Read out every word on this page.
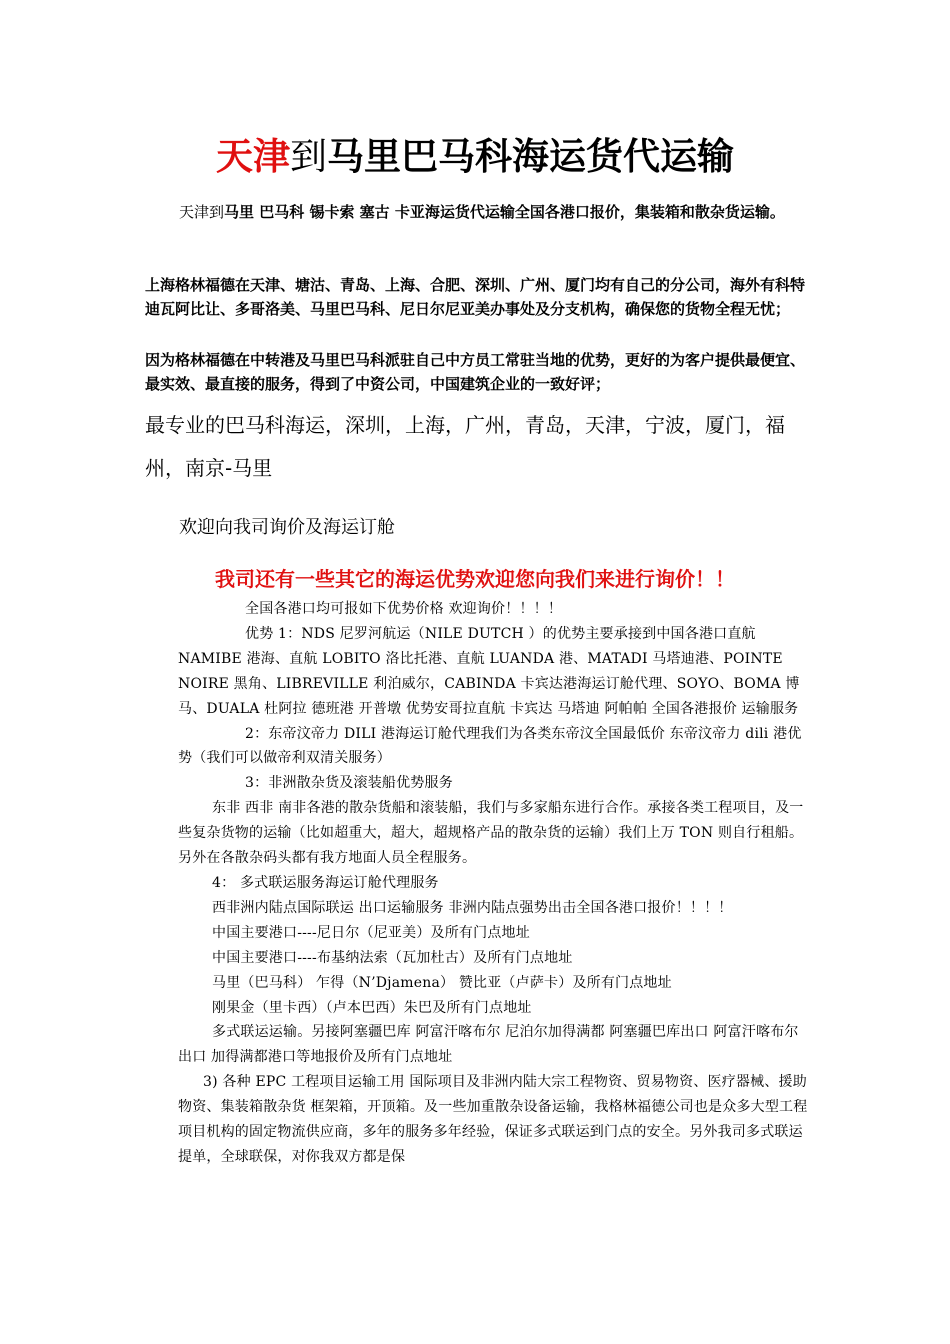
天津到马里巴马科海运货代运输
天津到马里 巴马科 锡卡索 塞古 卡亚海运货代运输全国各港口报价，集装箱和散杂货运输。
上海格林福德在天津、塘沽、青岛、上海、合肥、深圳、广州、厦门均有自己的分公司，海外有科特迪瓦阿比让、多哥洛美、马里巴马科、尼日尔尼亚美办事处及分支机构，确保您的货物全程无忧；
因为格林福德在中转港及马里巴马科派驻自己中方员工常驻当地的优势，更好的为客户提供最便宜、最实效、最直接的服务，得到了中资公司，中国建筑企业的一致好评；
最专业的巴马科海运，深圳，上海，广州，青岛，天津，宁波，厦门，福州，南京-马里
欢迎向我司询价及海运订舱
我司还有一些其它的海运优势欢迎您向我们来进行询价！！
全国各港口均可报如下优势价格 欢迎询价！！！！
优势 1：NDS 尼罗河航运（NILE DUTCH ）的优势主要承接到中国各港口直航 NAMIBE 港海、直航 LOBITO 洛比托港、直航 LUANDA 港、MATADI 马塔迪港、POINTE NOIRE 黑角、LIBREVILLE 利泊威尔，CABINDA 卡宾达港海运订舱代理、SOYO、BOMA 博马、DUALA 杜阿拉 德班港 开普墩 优势安哥拉直航 卡宾达 马塔迪 阿帕帕 全国各港报价 运输服务
2：东帝汶帝力 DILI 港海运订舱代理我们为各类东帝汶全国最低价 东帝汶帝力 dili 港优势（我们可以做帝利双清关服务）
3：非洲散杂货及滚装船优势服务
东非 西非 南非各港的散杂货船和滚装船，我们与多家船东进行合作。承接各类工程项目，及一些复杂货物的运输（比如超重大，超大，超规格产品的散杂货的运输）我们上万 TON 则自行租船。另外在各散杂码头都有我方地面人员全程服务。
4： 多式联运服务海运订舱代理服务
西非洲内陆点国际联运 出口运输服务 非洲内陆点强势出击全国各港口报价！！！！
中国主要港口----尼日尔（尼亚美）及所有门点地址
中国主要港口----布基纳法索（瓦加杜古）及所有门点地址
马里（巴马科） 乍得（N’Djamena） 赞比亚（卢萨卡）及所有门点地址
刚果金（里卡西）（卢本巴西）朱巴及所有门点地址
多式联运运输。另接阿塞疆巴库 阿富汗喀布尔 尼泊尔加得满都 阿塞疆巴库出口 阿富汗喀布尔出口 加得满都港口等地报价及所有门点地址
3) 各种 EPC 工程项目运输工用 国际项目及非洲内陆大宗工程物资、贸易物资、医疗器械、援助物资、集装箱散杂货 框架箱，开顶箱。及一些加重散杂设备运输，我格林福德公司也是众多大型工程项目机构的固定物流供应商，多年的服务多年经验，保证多式联运到门点的安全。另外我司多式联运提单，全球联保，对你我双方都是保
